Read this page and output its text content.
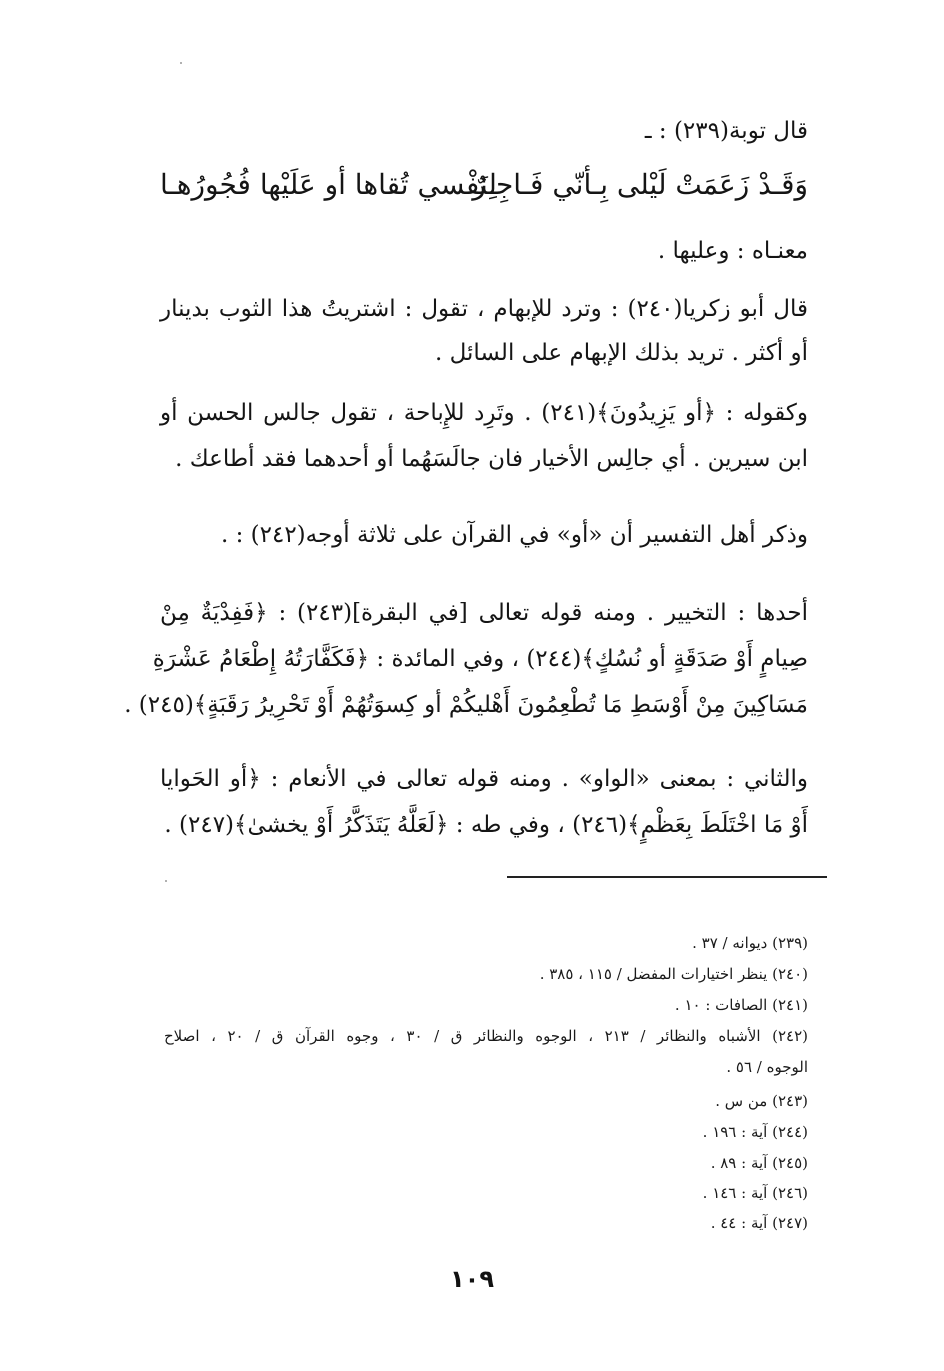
قال توبة(٢٣٩) : ـ
وَقَـدْ زَعَمَتْ لَيْلى بِـأنّي فَـاجِـرٌ
لِنَفْسي تُقاها أو عَلَيْها فُجُورُهـا
معنـاه : وعليها .
قال أبو زكريا(٢٤٠) : وترد للإبهام ، تقول : اشتريتُ هذا الثوب بدينار
أو أكثر . تريد بذلك الإبهام على السائل .
وكقوله : ﴿أو يَزِيدُونَ﴾(٢٤١) . وتَرِد للإِباحة ، تقول جالس الحسن أو
ابن سيرين . أي جالِس الأخيار فان جالَسَهُما أو أحدهما فقد أطاعك .
وذكر أهل التفسير أن «أو» في القرآن على ثلاثة أوجه(٢٤٢) : .
أحدها : التخيير . ومنه قوله تعالى [في البقرة](٢٤٣) : ﴿فَفِدْيَةٌ مِنْ
صِيامٍ أَوْ صَدَقَةٍ أو نُسُكٍ﴾(٢٤٤) ، وفي المائدة : ﴿فَكَفَّارَتُهُ إِطْعَامُ عَشْرَةِ
مَسَاكِينَ مِنْ أَوْسَطِ مَا تُطْعِمُونَ أَهْليكُمْ أو كِسوَتُهُمْ أَوْ تَحْرِيرُ رَقَبَةٍ﴾(٢٤٥) .
والثاني : بمعنى «الواو» . ومنه قوله تعالى في الأنعام : ﴿أو الحَوايا
أَوْ مَا اخْتَلَطَ بِعَظْمٍ﴾(٢٤٦) ، وفي طه : ﴿لَعَلَّهُ يَتَذَكَّرُ أَوْ يخشىٰ﴾(٢٤٧) .
(٢٣٩) ديوانه / ٣٧ .
(٢٤٠) ينظر اختيارات المفضل / ١١٥ ، ٣٨٥ .
(٢٤١) الصافات : ١٠ .
(٢٤٢) الأشباه والنظائر / ٢١٣ ، الوجوه والنظائر ق / ٣٠ ، وجوه القرآن ق / ٢٠ ، اصلاح
الوجوه / ٥٦ .
(٢٤٣) من س .
(٢٤٤) آية : ١٩٦ .
(٢٤٥) آية : ٨٩ .
(٢٤٦) آية : ١٤٦ .
(٢٤٧) آية : ٤٤ .
١٠٩
